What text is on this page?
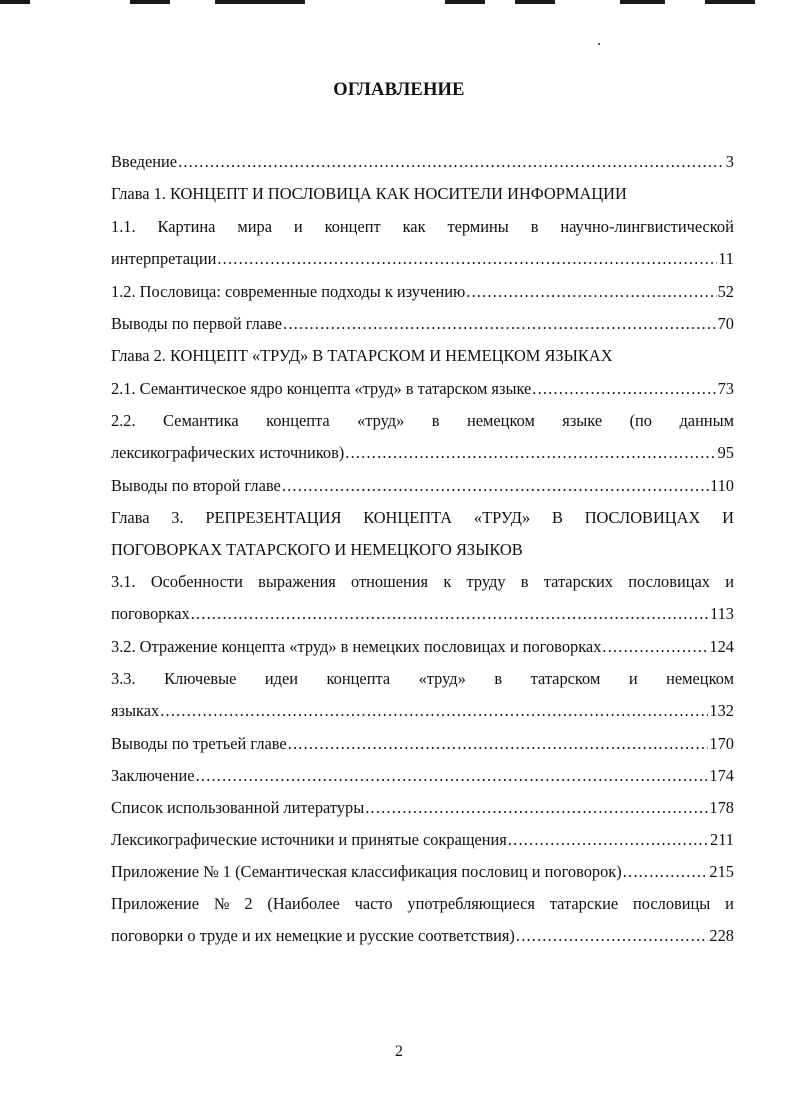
ОГЛАВЛЕНИЕ
Введение .....	3
Глава 1. КОНЦЕПТ И ПОСЛОВИЦА КАК НОСИТЕЛИ ИНФОРМАЦИИ
1.1. Картина мира и концепт как термины в научно-лингвистической
интерпретации .....	11
1.2. Пословица: современные подходы к изучению .....	52
Выводы по первой главе .....	70
Глава 2. КОНЦЕПТ «ТРУД» В ТАТАРСКОМ И НЕМЕЦКОМ ЯЗЫКАХ
2.1. Семантическое ядро концепта «труд» в татарском языке .....	73
2.2. Семантика концепта «труд» в немецком языке (по данным
лексикографических источников) .....	95
Выводы по второй главе .....	110
Глава 3. РЕПРЕЗЕНТАЦИЯ КОНЦЕПТА «ТРУД» В ПОСЛОВИЦАХ И
ПОГОВОРКАХ ТАТАРСКОГО И НЕМЕЦКОГО ЯЗЫКОВ
3.1. Особенности выражения отношения к труду в татарских пословицах и
поговорках .....	113
3.2. Отражение концепта «труд» в немецких пословицах и поговорках .....	124
3.3. Ключевые идеи концепта «труд» в татарском и немецком
языках .....	132
Выводы по третьей главе .....	170
Заключение .....	174
Список использованной литературы .....	178
Лексикографические источники и принятые сокращения .....	211
Приложение № 1 (Семантическая классификация пословиц и поговорок) .....	215
Приложение № 2 (Наиболее часто употребляющиеся татарские пословицы и
поговорки о труде и их немецкие и русские соответствия) .....	228
2
